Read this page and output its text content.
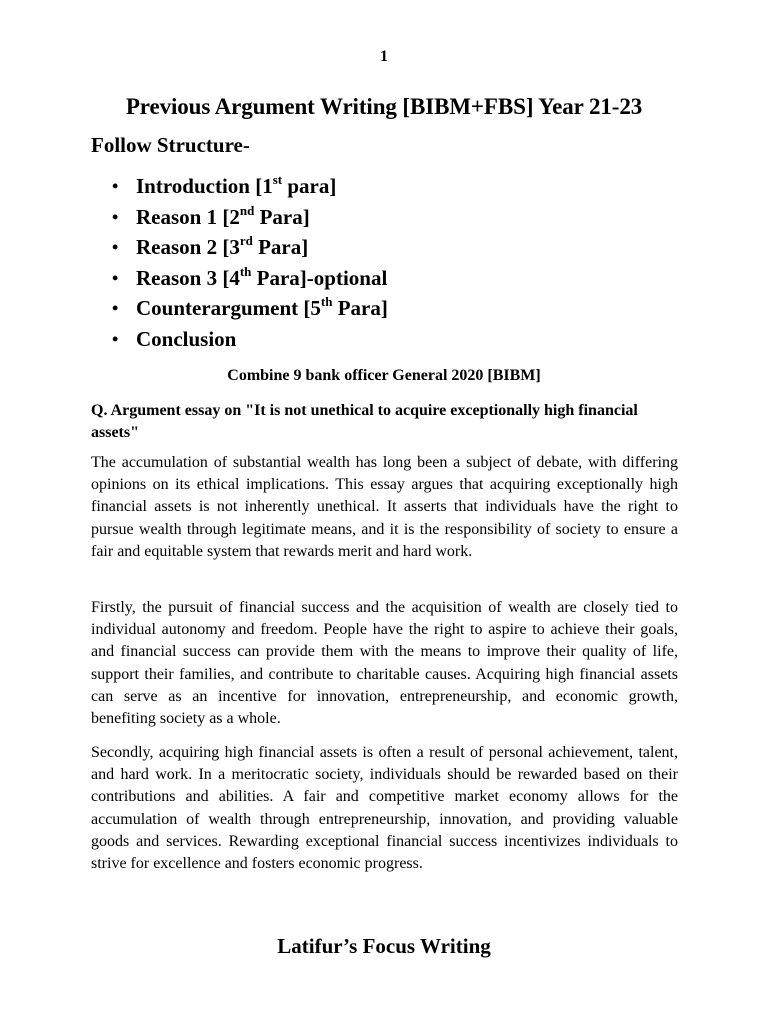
1
Previous Argument Writing [BIBM+FBS] Year 21-23
Follow Structure-
• Introduction [1st para]
• Reason 1 [2nd Para]
• Reason 2 [3rd Para]
• Reason 3 [4th Para]-optional
• Counterargument [5th Para]
• Conclusion
Combine 9 bank officer General 2020 [BIBM]
Q. Argument essay on "It is not unethical to acquire exceptionally high financial assets"

The accumulation of substantial wealth has long been a subject of debate, with differing opinions on its ethical implications. This essay argues that acquiring exceptionally high financial assets is not inherently unethical. It asserts that individuals have the right to pursue wealth through legitimate means, and it is the responsibility of society to ensure a fair and equitable system that rewards merit and hard work.

Firstly, the pursuit of financial success and the acquisition of wealth are closely tied to individual autonomy and freedom. People have the right to aspire to achieve their goals, and financial success can provide them with the means to improve their quality of life, support their families, and contribute to charitable causes. Acquiring high financial assets can serve as an incentive for innovation, entrepreneurship, and economic growth, benefiting society as a whole.

Secondly, acquiring high financial assets is often a result of personal achievement, talent, and hard work. In a meritocratic society, individuals should be rewarded based on their contributions and abilities. A fair and competitive market economy allows for the accumulation of wealth through entrepreneurship, innovation, and providing valuable goods and services. Rewarding exceptional financial success incentivizes individuals to strive for excellence and fosters economic progress.

Latifur’s Focus Writing
